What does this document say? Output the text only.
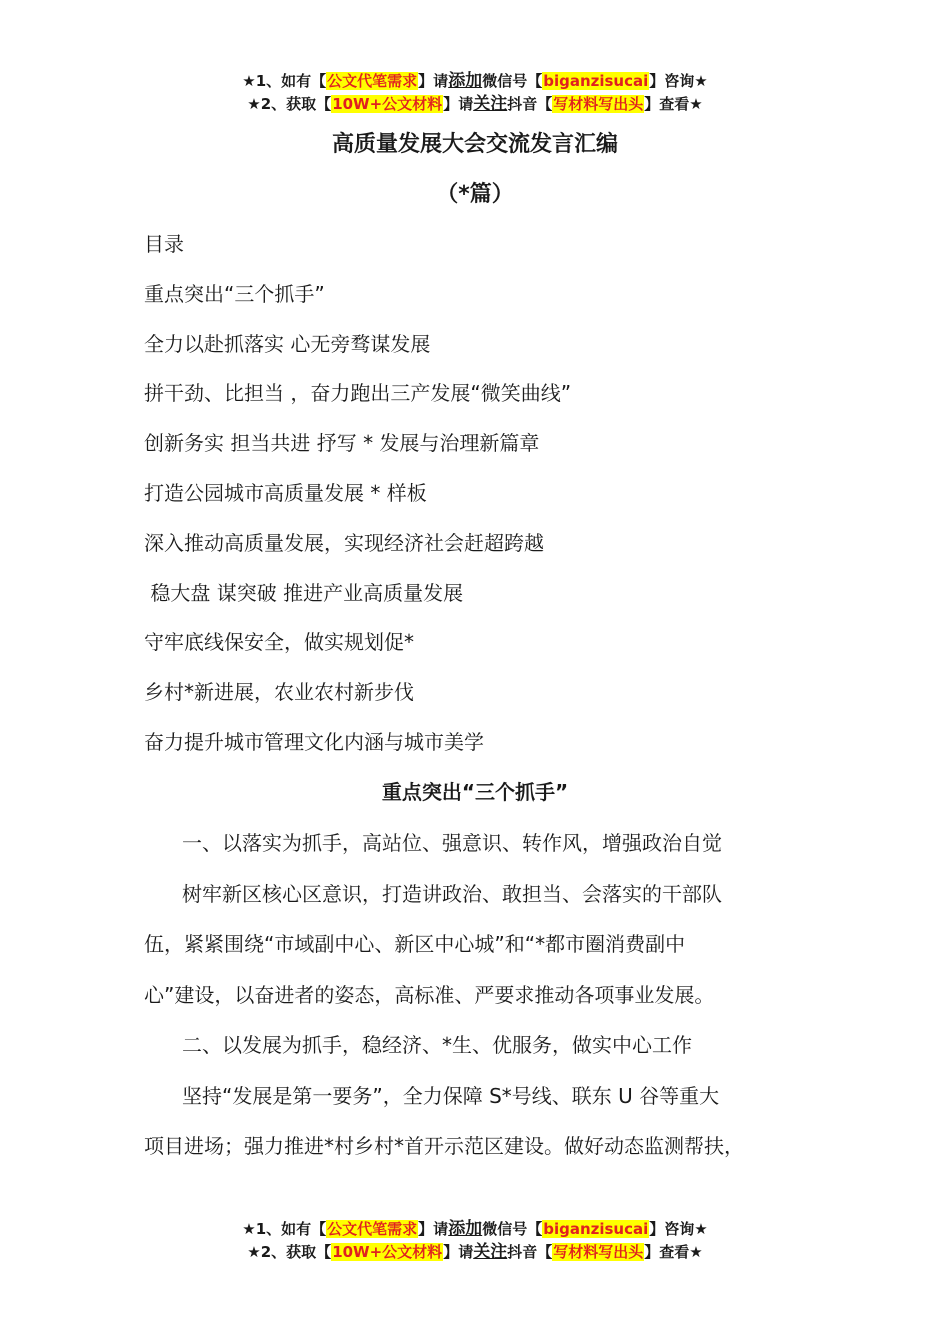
★1、如有【公文代笔需求】请添加微信号【biganzisucai】咨询★
★2、获取【10W+公文材料】请关注抖音【写材料写出头】查看★
高质量发展大会交流发言汇编
（*篇）
目录
重点突出“三个抓手”
全力以赴抓落实 心无旁骛谋发展
拼干劲、比担当 ，奋力跑出三产发展“微笑曲线”
创新务实 担当共进 抒写 * 发展与治理新篇章
打造公园城市高质量发展 * 样板
深入推动高质量发展，实现经济社会赶超跨越
稳大盘 谋突破 推进产业高质量发展
守牢底线保安全，做实规划促*
乡村*新进展，农业农村新步伐
奋力提升城市管理文化内涵与城市美学
重点突出“三个抓手”
一、以落实为抓手，高站位、强意识、转作风，增强政治自觉
树牢新区核心区意识，打造讲政治、敢担当、会落实的干部队
伍，紧紧围绕“市域副中心、新区中心城”和“*都市圈消费副中
心”建设，以奋进者的姿态，高标准、严要求推动各项事业发展。
二、以发展为抓手，稳经济、*生、优服务，做实中心工作
坚持“发展是第一要务”，全力保障 S*号线、联东 U 谷等重大
项目进场；强力推进*村乡村*首开示范区建设。做好动态监测帮扶，
★1、如有【公文代笔需求】请添加微信号【biganzisucai】咨询★
★2、获取【10W+公文材料】请关注抖音【写材料写出头】查看★
